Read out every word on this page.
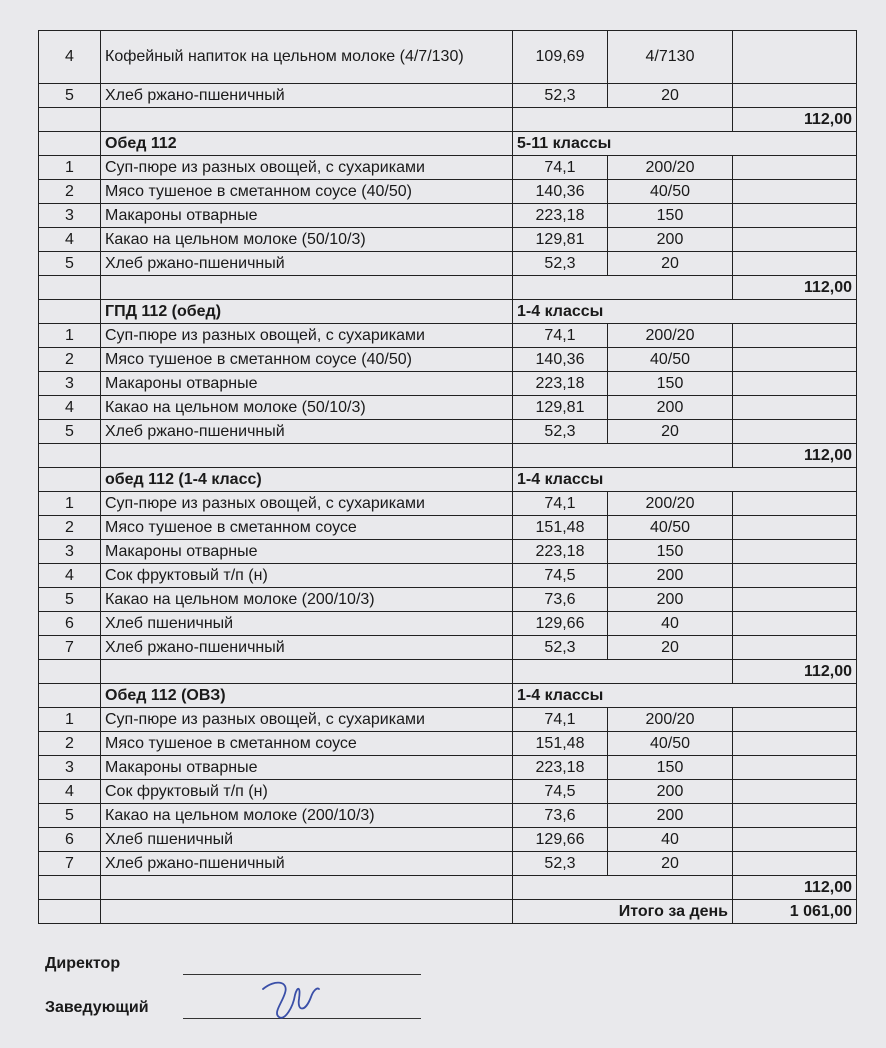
4	Кофейный напиток на цельном молоке (4/7/130)	109,69	4/7130	
5	Хлеб ржано-пшеничный	52,3	20	
				112,00
	Обед 112	5-11 классы		
1	Суп-пюре из разных овощей, с сухариками	74,1	200/20	
2	Мясо тушеное в сметанном соусе (40/50)	140,36	40/50	
3	Макароны отварные	223,18	150	
4	Какао на цельном молоке (50/10/3)	129,81	200	
5	Хлеб ржано-пшеничный	52,3	20	
				112,00
	ГПД 112 (обед)	1-4 классы		
1	Суп-пюре из разных овощей, с сухариками	74,1	200/20	
2	Мясо тушеное в сметанном соусе (40/50)	140,36	40/50	
3	Макароны отварные	223,18	150	
4	Какао на цельном молоке (50/10/3)	129,81	200	
5	Хлеб ржано-пшеничный	52,3	20	
				112,00
	обед 112 (1-4 класс)	1-4 классы		
1	Суп-пюре из разных овощей, с сухариками	74,1	200/20	
2	Мясо тушеное в сметанном соусе	151,48	40/50	
3	Макароны отварные	223,18	150	
4	Сок фруктовый т/п (н)	74,5	200	
5	Какао на цельном молоке (200/10/3)	73,6	200	
6	Хлеб пшеничный	129,66	40	
7	Хлеб ржано-пшеничный	52,3	20	
				112,00
	Обед 112 (ОВЗ)	1-4 классы		
1	Суп-пюре из разных овощей, с сухариками	74,1	200/20	
2	Мясо тушеное в сметанном соусе	151,48	40/50	
3	Макароны отварные	223,18	150	
4	Сок фруктовый т/п (н)	74,5	200	
5	Какао на цельном молоке (200/10/3)	73,6	200	
6	Хлеб пшеничный	129,66	40	
7	Хлеб ржано-пшеничный	52,3	20	
				112,00
		Итого за день		1 061,00
Директор
Заведующий
